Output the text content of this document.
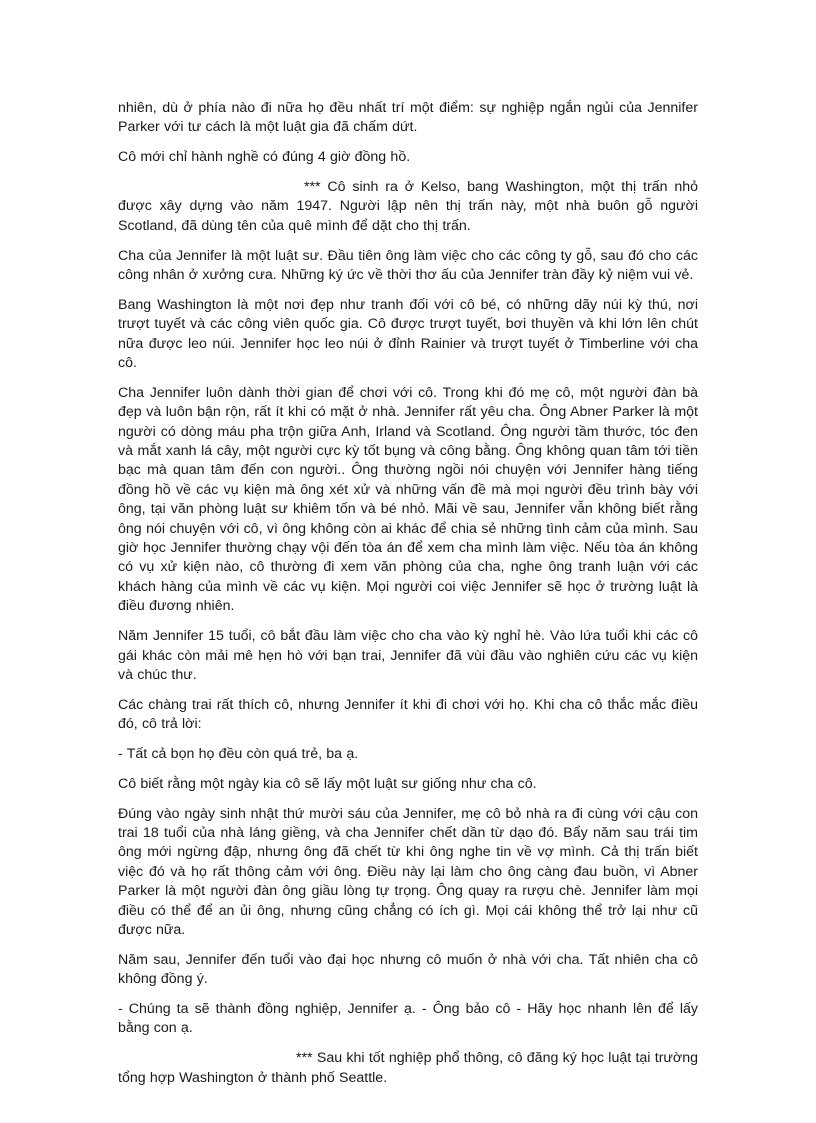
nhiên, dù ở phía nào đi nữa họ đều nhất trí một điểm: sự nghiệp ngắn ngủi của Jennifer Parker với tư cách là một luật gia đã chấm dứt.

Cô mới chỉ hành nghề có đúng 4 giờ đồng hồ.

*** Cô sinh ra ở Kelso, bang Washington, một thị trấn nhỏ được xây dựng vào năm 1947. Người lập nên thị trấn này, một nhà buôn gỗ người Scotland, đã dùng tên của quê mình để dặt cho thị trấn.

Cha của Jennifer là một luật sư. Đầu tiên ông làm việc cho các công ty gỗ, sau đó cho các công nhân ở xưởng cưa. Những ký ức về thời thơ ấu của Jennifer tràn đầy kỷ niệm vui vẻ.

Bang Washington là một nơi đẹp như tranh đối với cô bé, có những dãy núi kỳ thú, nơi trượt tuyết và các công viên quốc gia. Cô được trượt tuyết, bơi thuyền và khi lớn lên chút nữa được leo núi. Jennifer học leo núi ở đỉnh Rainier và trượt tuyết ở Timberline với cha cô.

Cha Jennifer luôn dành thời gian để chơi với cô. Trong khi đó mẹ cô, một người đàn bà đẹp và luôn bận rộn, rất ít khi có mặt ở nhà. Jennifer rất yêu cha. Ông Abner Parker là một người có dòng máu pha trộn giữa Anh, Irland và Scotland. Ông người tầm thước, tóc đen và mắt xanh lá cây, một người cực kỳ tốt bụng và công bằng. Ông không quan tâm tới tiền bạc mà quan tâm đến con người.. Ông thường ngồi nói chuyện với Jennifer hàng tiếng đồng hồ về các vụ kiện mà ông xét xử và những vấn đề mà mọi người đều trình bày với ông, tại văn phòng luật sư khiêm tốn và bé nhỏ. Mãi về sau, Jennifer vẫn không biết rằng ông nói chuyện với cô, vì ông không còn ai khác để chia sẻ những tình cảm của mình. Sau giờ học Jennifer thường chạy vội đến tòa án để xem cha mình làm việc. Nếu tòa án không có vụ xử kiện nào, cô thường đi xem văn phòng của cha, nghe ông tranh luận với các khách hàng của mình về các vụ kiện. Mọi người coi việc Jennifer sẽ học ở trường luật là điều đương nhiên.

Năm Jennifer 15 tuổi, cô bắt đầu làm việc cho cha vào kỳ nghỉ hè. Vào lứa tuổi khi các cô gái khác còn mải mê hẹn hò với bạn trai, Jennifer đã vùi đầu vào nghiên cứu các vụ kiện và chúc thư.

Các chàng trai rất thích cô, nhưng Jennifer ít khi đi chơi với họ. Khi cha cô thắc mắc điều đó, cô trả lời:

- Tất cả bọn họ đều còn quá trẻ, ba ạ.

Cô biết rằng một ngày kia cô sẽ lấy một luật sư giống như cha cô.

Đúng vào ngày sinh nhật thứ mười sáu của Jennifer, mẹ cô bỏ nhà ra đi cùng với cậu con trai 18 tuổi của nhà láng giềng, và cha Jennifer chết dần từ dạo đó. Bẩy năm sau trái tim ông mới ngừng đập, nhưng ông đã chết từ khi ông nghe tin về vợ mình. Cả thị trấn biết việc đó và họ rất thông cảm với ông. Điều này lại làm cho ông càng đau buồn, vì Abner Parker là một người đàn ông giầu lòng tự trọng. Ông quay ra rượu chè. Jennifer làm mọi điều có thể để an ủi ông, nhưng cũng chẳng có ích gì. Mọi cái không thể trở lại như cũ được nữa.

Năm sau, Jennifer đến tuổi vào đại học nhưng cô muốn ở nhà với cha. Tất nhiên cha cô không đồng ý.

- Chúng ta sẽ thành đồng nghiệp, Jennifer ạ. - Ông bảo cô - Hãy học nhanh lên để lấy bằng con ạ.

*** Sau khi tốt nghiệp phổ thông, cô đăng ký học luật tại trường tổng hợp Washington ở thành phố Seattle.
